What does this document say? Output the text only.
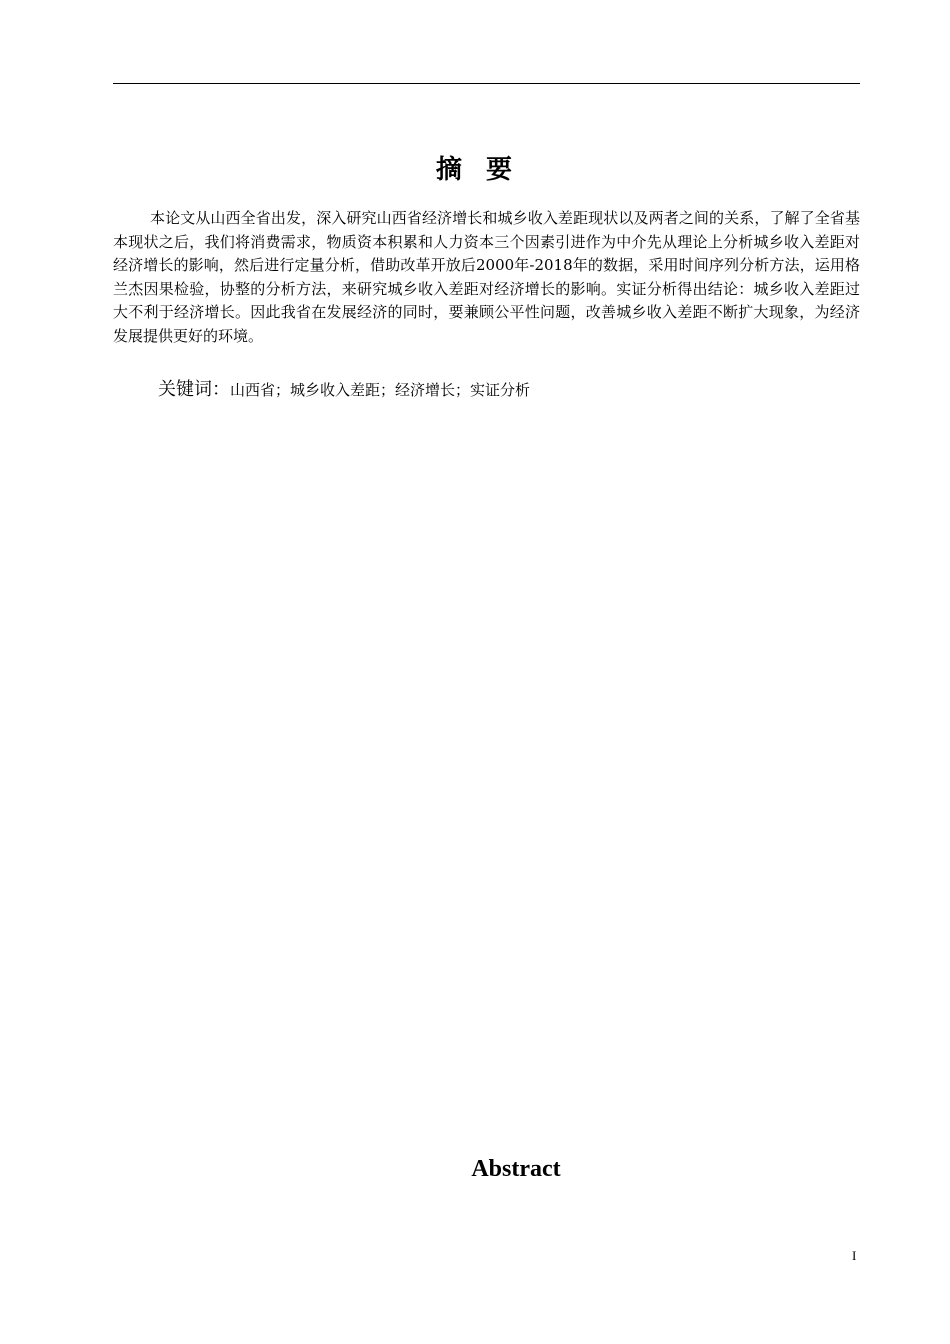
摘  要

本论文从山西全省出发，深入研究山西省经济增长和城乡收入差距现状以及两者之间的关系，了解了全省基本现状之后，我们将消费需求，物质资本积累和人力资本三个因素引进作为中介先从理论上分析城乡收入差距对经济增长的影响，然后进行定量分析，借助改革开放后2000年-2018年的数据，采用时间序列分析方法，运用格兰杰因果检验，协整的分析方法，来研究城乡收入差距对经济增长的影响。实证分析得出结论：城乡收入差距过大不利于经济增长。因此我省在发展经济的同时，要兼顾公平性问题，改善城乡收入差距不断扩大现象，为经济发展提供更好的环境。

关键词：山西省；城乡收入差距；经济增长；实证分析
Abstract
I
